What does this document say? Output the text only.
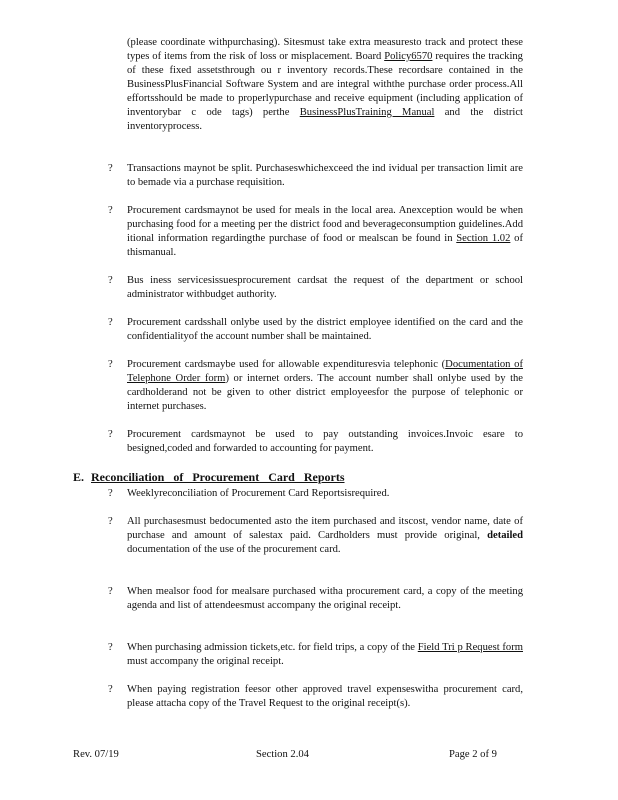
(please coordinate withpurchasing). Sitesmust take extra measuresto track and protect these types of items from the risk of loss or misplacement. Board Policy6570 requires the tracking of these fixed assetsthrough ou r inventory records.These recordsare contained in the BusinessPlusFinancial Software System and are integral withthe purchase order process.All effortsshould be made to properlypurchase and receive equipment (including application of inventorybar c ode tags) perthe BusinessPlusTraining Manual and the district inventoryprocess.

? Transactions maynot be split. Purchaseswhichexceed the ind ividual per transaction limit are to bemade via a purchase requisition.

? Procurement cardsmaynot be used for meals in the local area. Anexception would be when purchasing food for a meeting per the district food and beverageconsumption guidelines.Add itional information regardingthe purchase of food or mealscan be found in Section 1.02 of thismanual.

? Bus iness servicesissuesprocurement cardsat the request of the department or school administrator withbudget authority.

? Procurement cardsshall onlybe used by the district employee identified on the card and the confidentialityof the account number shall be maintained.

? Procurement cardsmaybe used for allowable expendituresvia telephonic (Documentation of Telephone Order form) or internet orders. The account number shall onlybe used by the cardholderand not be given to other district employeesfor the purpose of telephonic or internet purchases.

? Procurement cardsmaynot be used to pay outstanding invoices.Invoic esare to besigned,coded and forwarded to accounting for payment.

E. Reconciliation of Procurement Card Reports
? Weeklyreconciliation of Procurement Card Reportsisrequired.

? All purchasesmust bedocumented asto the item purchased and itscost, vendor name, date of purchase and amount of salestax paid. Cardholders must provide original, detailed documentation of the use of the procurement card.

? When mealsor food for mealsare purchased witha procurement card, a copy of the meeting agenda and list of attendeesmust accompany the original receipt.

? When purchasing admission tickets,etc. for field trips, a copy of the Field Tri p Request form must accompany the original receipt.

? When paying registration feesor other approved travel expenseswitha procurement card, please attacha copy of the Travel Request to the original receipt(s).

Rev. 07/19	Section 2.04	Page 2 of 9
